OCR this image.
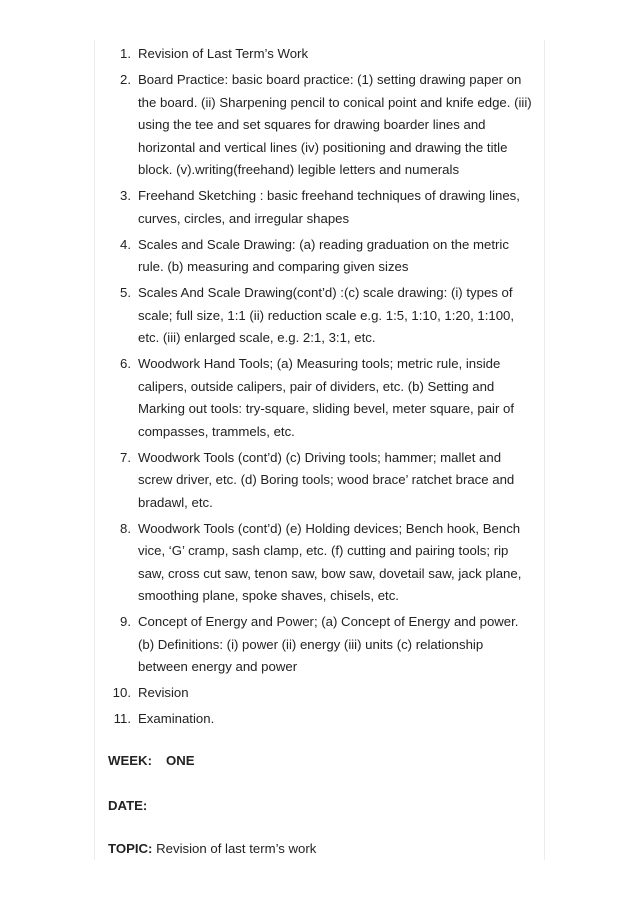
1. Revision of Last Term’s Work
2. Board Practice: basic board practice: (1) setting drawing paper on the board. (ii) Sharpening pencil to conical point and knife edge. (iii) using the tee and set squares for drawing boarder lines and horizontal and vertical lines (iv) positioning and drawing the title block. (v).writing(freehand) legible letters and numerals
3. Freehand Sketching : basic freehand techniques of drawing lines, curves, circles, and irregular shapes
4. Scales and Scale Drawing: (a) reading graduation on the metric rule. (b) measuring and comparing given sizes
5. Scales And Scale Drawing(cont’d) :(c) scale drawing: (i) types of scale; full size, 1:1 (ii) reduction scale e.g. 1:5, 1:10, 1:20, 1:100, etc. (iii) enlarged scale, e.g. 2:1, 3:1, etc.
6. Woodwork Hand Tools; (a) Measuring tools; metric rule, inside calipers, outside calipers, pair of dividers, etc. (b) Setting and Marking out tools: try-square, sliding bevel, meter square, pair of compasses, trammels, etc.
7. Woodwork Tools (cont’d) (c) Driving tools; hammer; mallet and screw driver, etc. (d) Boring tools; wood brace’ ratchet brace and bradawl, etc.
8. Woodwork Tools (cont’d) (e) Holding devices; Bench hook, Bench vice, ‘G’ cramp, sash clamp, etc. (f) cutting and pairing tools; rip saw, cross cut saw, tenon saw, bow saw, dovetail saw, jack plane, smoothing plane, spoke shaves, chisels, etc.
9. Concept of Energy and Power; (a) Concept of Energy and power. (b) Definitions: (i) power (ii) energy (iii) units (c) relationship between energy and power
10. Revision
11. Examination.
WEEK: ONE
DATE:
TOPIC: Revision of last term’s work
